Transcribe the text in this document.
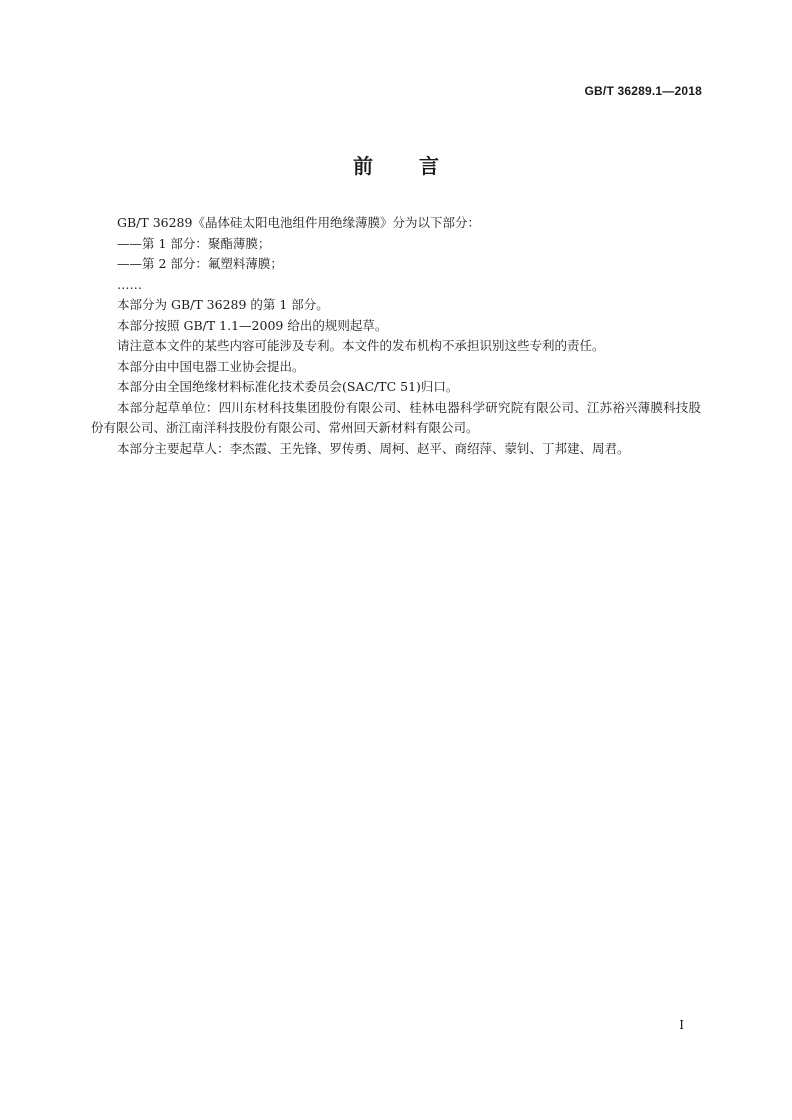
GB/T 36289.1—2018
前 言

GB/T 36289《晶体硅太阳电池组件用绝缘薄膜》分为以下部分：

——第 1 部分：聚酯薄膜；

——第 2 部分：氟塑料薄膜；

……

本部分为 GB/T 36289 的第 1 部分。

本部分按照 GB/T 1.1—2009 给出的规则起草。

请注意本文件的某些内容可能涉及专利。本文件的发布机构不承担识别这些专利的责任。

本部分由中国电器工业协会提出。

本部分由全国绝缘材料标准化技术委员会(SAC/TC 51)归口。

本部分起草单位：四川东材科技集团股份有限公司、桂林电器科学研究院有限公司、江苏裕兴薄膜科技股份有限公司、浙江南洋科技股份有限公司、常州回天新材料有限公司。

本部分主要起草人：李杰霞、王先锋、罗传勇、周柯、赵平、商绍萍、蒙钊、丁邦建、周君。

I
